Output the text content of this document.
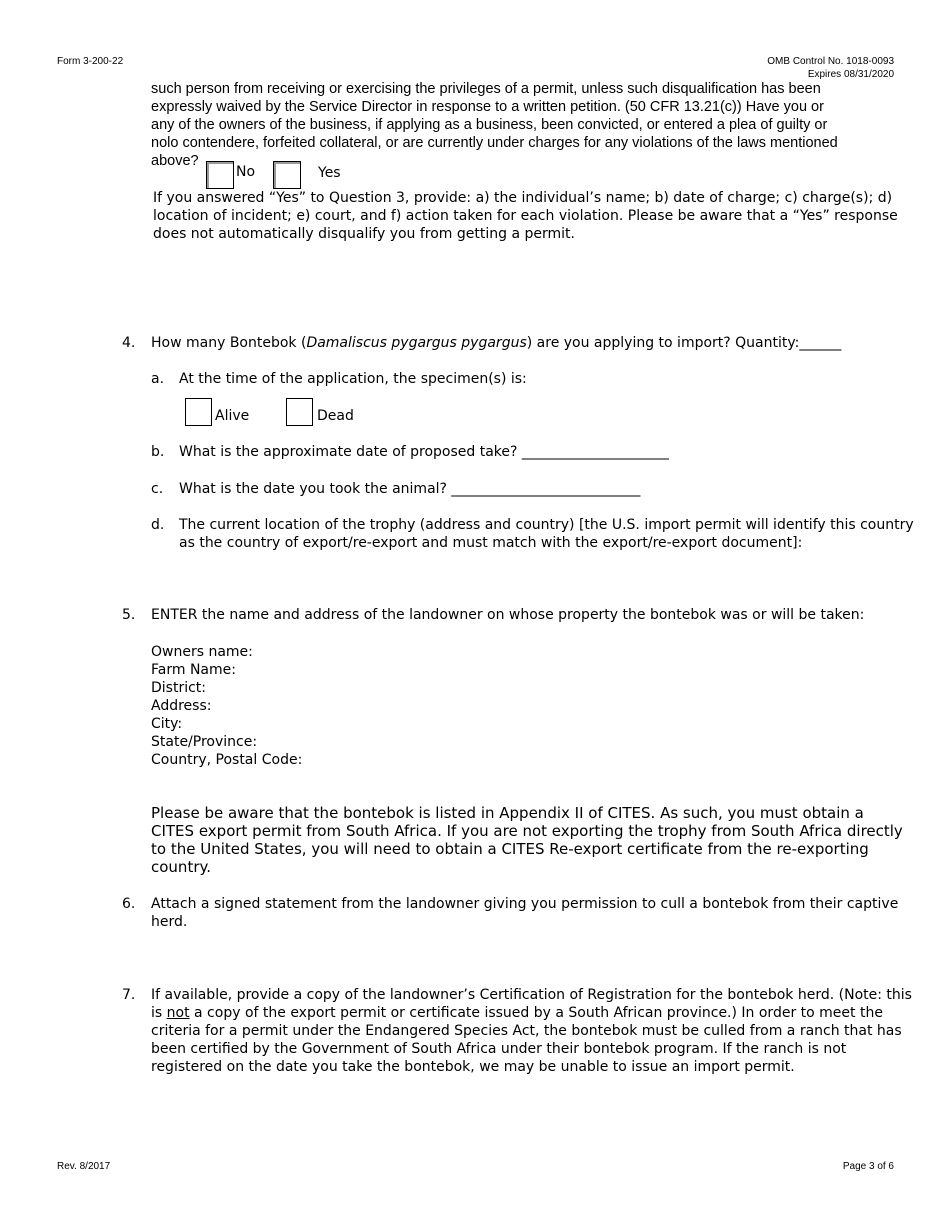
Form 3-200-22	OMB Control No. 1018-0093
Expires 08/31/2020
such person from receiving or exercising the privileges of a permit, unless such disqualification has been
expressly waived by the Service Director in response to a written petition. (50 CFR 13.21(c)) Have you or
any of the owners of the business, if applying as a business, been convicted, or entered a plea of guilty or
nolo contendere, forfeited collateral, or are currently under charges for any violations of the laws mentioned
above?
No	Yes
If you answered “Yes” to Question 3, provide: a) the individual’s name; b) date of charge; c) charge(s); d)
location of incident; e) court, and f) action taken for each violation. Please be aware that a “Yes” response
does not automatically disqualify you from getting a permit.
4. How many Bontebok (Damaliscus pygargus pygargus) are you applying to import? Quantity:______
a. At the time of the application, the specimen(s) is:
Alive	Dead
b. What is the approximate date of proposed take? _____________________
c. What is the date you took the animal? ___________________________
d. The current location of the trophy (address and country) [the U.S. import permit will identify this country
as the country of export/re-export and must match with the export/re-export document]:
5. ENTER the name and address of the landowner on whose property the bontebok was or will be taken:
Owners name:
Farm Name:
District:
Address:
City:
State/Province:
Country, Postal Code:
Please be aware that the bontebok is listed in Appendix II of CITES. As such, you must obtain a
CITES export permit from South Africa. If you are not exporting the trophy from South Africa directly
to the United States, you will need to obtain a CITES Re-export certificate from the re-exporting
country.
6. Attach a signed statement from the landowner giving you permission to cull a bontebok from their captive
herd.
7. If available, provide a copy of the landowner’s Certification of Registration for the bontebok herd. (Note: this
is not a copy of the export permit or certificate issued by a South African province.) In order to meet the
criteria for a permit under the Endangered Species Act, the bontebok must be culled from a ranch that has
been certified by the Government of South Africa under their bontebok program. If the ranch is not
registered on the date you take the bontebok, we may be unable to issue an import permit.
Rev. 8/2017	Page 3 of 6
